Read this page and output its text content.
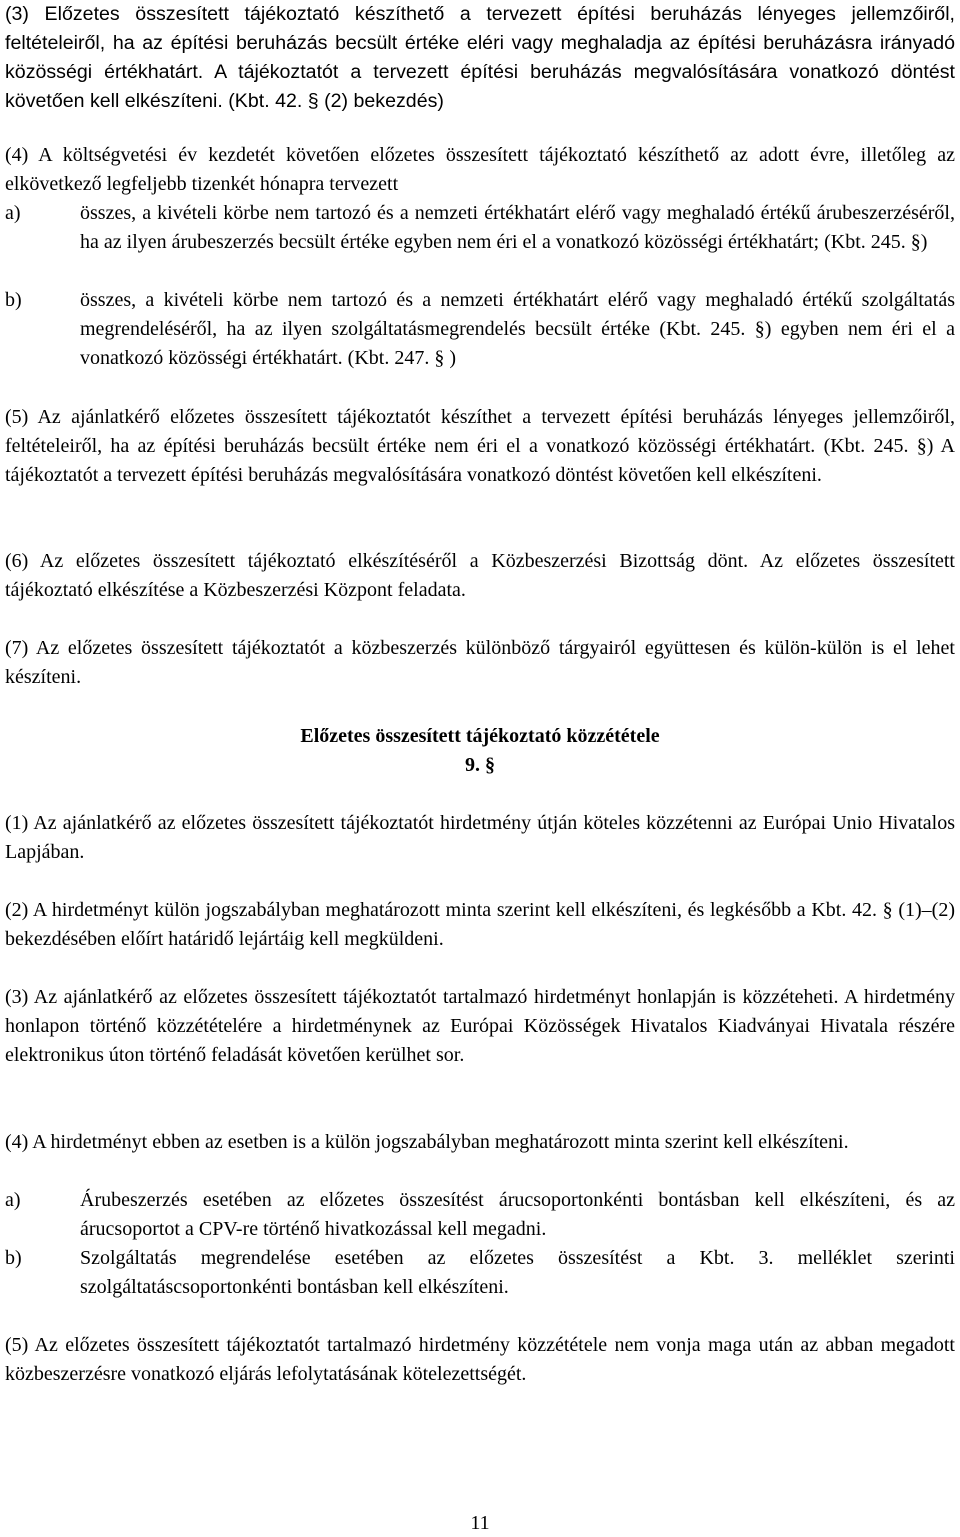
(3) Előzetes összesített tájékoztató készíthető a tervezett építési beruházás lényeges jellemzőiről, feltételeiről, ha az építési beruházás becsült értéke eléri vagy meghaladja az építési beruházásra irányadó közösségi értékhatárt. A tájékoztatót a tervezett építési beruházás megvalósítására vonatkozó döntést követően kell elkészíteni. (Kbt. 42. § (2) bekezdés)

(4) A költségvetési év kezdetét követően előzetes összesített tájékoztató készíthető az adott évre, illetőleg az elkövetkező legfeljebb tizenkét hónapra tervezett

a)	összes, a kivételi körbe nem tartozó és a nemzeti értékhatárt elérő vagy meghaladó értékű árubeszerzéséről, ha az ilyen árubeszerzés becsült értéke egyben nem éri el a vonatkozó közösségi értékhatárt; (Kbt. 245. §)
b)	összes, a kivételi körbe nem tartozó és a nemzeti értékhatárt elérő vagy meghaladó értékű szolgáltatás megrendeléséről, ha az ilyen szolgáltatásmegrendelés becsült értéke (Kbt. 245. §) egyben nem éri el a vonatkozó közösségi értékhatárt. (Kbt. 247. § )

(5) Az ajánlatkérő előzetes összesített tájékoztatót készíthet a tervezett építési beruházás lényeges jellemzőiről, feltételeiről, ha az építési beruházás becsült értéke nem éri el a vonatkozó közösségi értékhatárt. (Kbt. 245. §) A tájékoztatót a tervezett építési beruházás megvalósítására vonatkozó döntést követően kell elkészíteni.

(6) Az előzetes összesített tájékoztató elkészítéséről a Közbeszerzési Bizottság dönt. Az előzetes összesített tájékoztató elkészítése a Közbeszerzési Központ feladata.

(7) Az előzetes összesített tájékoztatót a közbeszerzés különböző tárgyairól együttesen és külön-külön is el lehet készíteni.

Előzetes összesített tájékoztató közzététele
9. §

(1) Az ajánlatkérő az előzetes összesített tájékoztatót hirdetmény útján köteles közzétenni az Európai Unio Hivatalos Lapjában.

(2) A hirdetményt külön jogszabályban meghatározott minta szerint kell elkészíteni, és legkésőbb a Kbt. 42. § (1)–(2) bekezdésében előírt határidő lejártáig kell megküldeni.

(3) Az ajánlatkérő az előzetes összesített tájékoztatót tartalmazó hirdetményt honlapján is közzéteheti. A hirdetmény honlapon történő közzétételére a hirdetménynek az Európai Közösségek Hivatalos Kiadványai Hivatala részére elektronikus úton történő feladását követően kerülhet sor.

(4) A hirdetményt ebben az esetben is a külön jogszabályban meghatározott minta szerint kell elkészíteni.

a)	Árubeszerzés esetében az előzetes összesítést árucsoportonkénti bontásban kell elkészíteni, és az árucsoportot a CPV-re történő hivatkozással kell megadni.
b)	Szolgáltatás megrendelése esetében az előzetes összesítést a Kbt. 3. melléklet szerinti szolgáltatáscsoportonkénti bontásban kell elkészíteni.

(5) Az előzetes összesített tájékoztatót tartalmazó hirdetmény közzététele nem vonja maga után az abban megadott közbeszerzésre vonatkozó eljárás lefolytatásának kötelezettségét.

11
